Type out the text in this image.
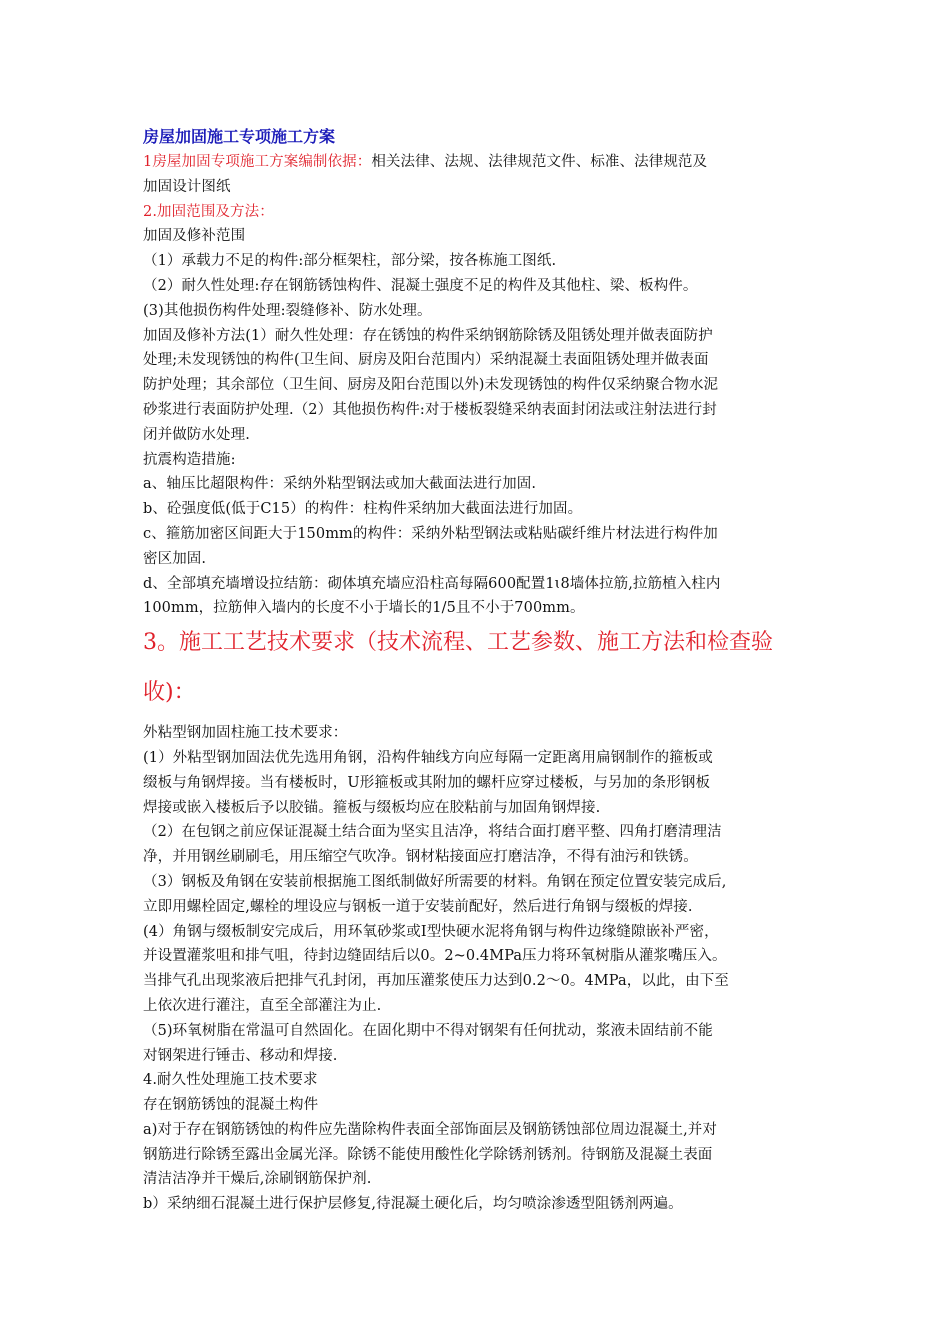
房屋加固施工专项施工方案
1房屋加固专项施工方案编制依据：相关法律、法规、法律规范文件、标准、法律规范及
加固设计图纸
2.加固范围及方法：
加固及修补范围
（1）承载力不足的构件:部分框架柱，部分梁，按各栋施工图纸.
（2）耐久性处理:存在钢筋锈蚀构件、混凝土强度不足的构件及其他柱、梁、板构件。
(3)其他损伤构件处理:裂缝修补、防水处理。
加固及修补方法(1）耐久性处理：存在锈蚀的构件采纳钢筋除锈及阻锈处理并做表面防护
处理;未发现锈蚀的构件(卫生间、厨房及阳台范围内）采纳混凝土表面阻锈处理并做表面
防护处理；其余部位（卫生间、厨房及阳台范围以外)未发现锈蚀的构件仅采纳聚合物水泥
砂浆进行表面防护处理.（2）其他损伤构件:对于楼板裂缝采纳表面封闭法或注射法进行封
闭并做防水处理.
抗震构造措施:
a、轴压比超限构件：采纳外粘型钢法或加大截面法进行加固.
b、砼强度低(低于C15）的构件：柱构件采纳加大截面法进行加固。
c、箍筋加密区间距大于150mm的构件：采纳外粘型钢法或粘贴碳纤维片材法进行构件加
密区加固.
d、全部填充墙增设拉结筋：砌体填充墙应沿柱高每隔600配置1ɩ8墙体拉筋,拉筋植入柱内
100mm，拉筋伸入墙内的长度不小于墙长的1/5且不小于700mm。
3。施工工艺技术要求（技术流程、工艺参数、施工方法和检查验
收)：
外粘型钢加固柱施工技术要求：
(1）外粘型钢加固法优先选用角钢，沿构件轴线方向应每隔一定距离用扁钢制作的箍板或
缀板与角钢焊接。当有楼板时，U形箍板或其附加的螺杆应穿过楼板，与另加的条形钢板
焊接或嵌入楼板后予以胶锚。箍板与缀板均应在胶粘前与加固角钢焊接.
（2）在包钢之前应保证混凝土结合面为坚实且洁净，将结合面打磨平整、四角打磨清理洁
净，并用钢丝刷刷毛，用压缩空气吹净。钢材粘接面应打磨洁净，不得有油污和铁锈。
（3）钢板及角钢在安装前根据施工图纸制做好所需要的材料。角钢在预定位置安装完成后,
立即用螺栓固定,螺栓的埋设应与钢板一道于安装前配好，然后进行角钢与缀板的焊接.
(4）角钢与缀板制安完成后，用环氧砂浆或I型快硬水泥将角钢与构件边缘缝隙嵌补严密，
并设置灌浆咀和排气咀，待封边缝固结后以0。2~0.4MPa压力将环氧树脂从灌浆嘴压入。
当排气孔出现浆液后把排气孔封闭，再加压灌浆使压力达到0.2～0。4MPa，以此，由下至
上依次进行灌注，直至全部灌注为止.
（5)环氧树脂在常温可自然固化。在固化期中不得对钢架有任何扰动，浆液未固结前不能
对钢架进行锤击、移动和焊接.
4.耐久性处理施工技术要求
存在钢筋锈蚀的混凝土构件
a)对于存在钢筋锈蚀的构件应先凿除构件表面全部饰面层及钢筋锈蚀部位周边混凝土,并对
钢筋进行除锈至露出金属光泽。除锈不能使用酸性化学除锈剂锈剂。待钢筋及混凝土表面
清洁洁净并干燥后,涂刷钢筋保护剂.
b）采纳细石混凝土进行保护层修复,待混凝土硬化后，均匀喷涂渗透型阻锈剂两遍。
